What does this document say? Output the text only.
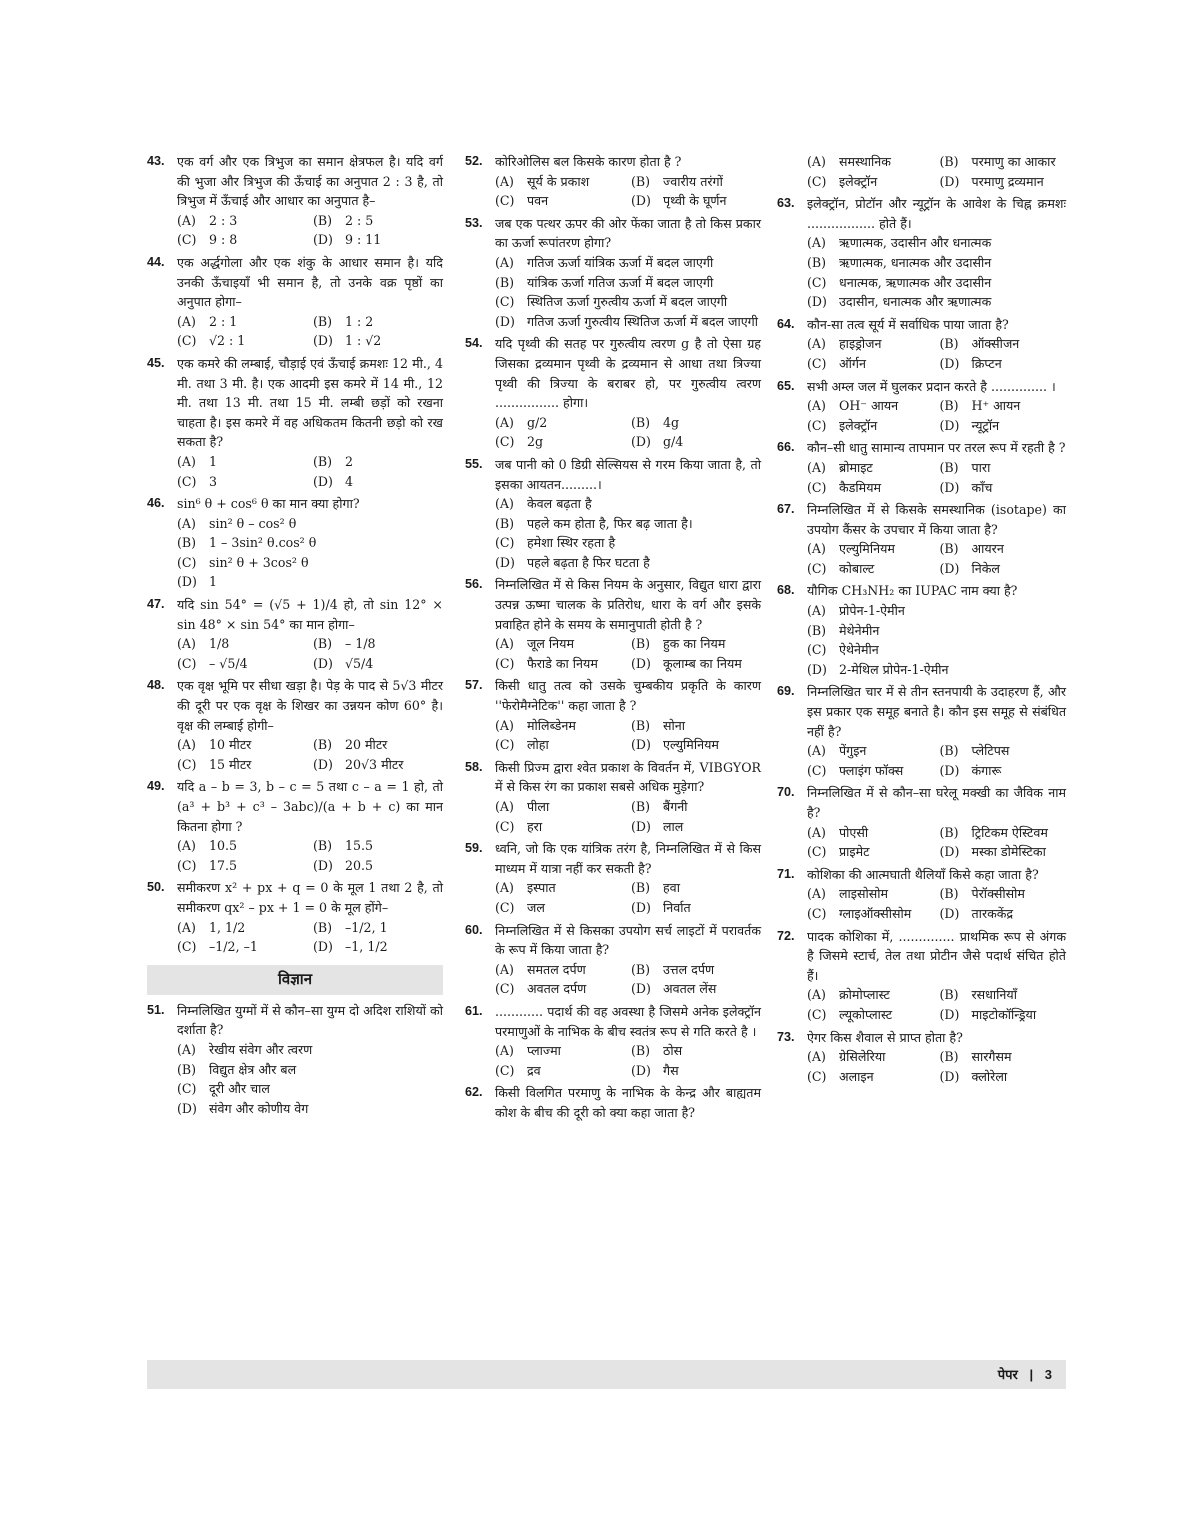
43. एक वर्ग और एक त्रिभुज का समान क्षेत्रफल है। यदि वर्ग की भुजा और त्रिभुज की ऊँचाई का अनुपात 2 : 3 है, तो त्रिभुज में ऊँचाई और आधार का अनुपात है–
(A)	2 : 3	(B)	2 : 5
(C) 9 : 8	(D) 9 : 11
44. एक अर्द्धगोला और एक शंकु के आधार समान है। यदि उनकी ऊँचाइयाँ भी समान है, तो उनके वक्र पृष्ठों का अनुपात होगा–
(A)	2 : 1	(B)	1 : 2
(C) √2 : 1	(D) 1 : √2
45. एक कमरे की लम्बाई, चौड़ाई एवं ऊँचाई क्रमशः 12 मी., 4 मी. तथा 3 मी. है। एक आदमी इस कमरे में 14 मी., 12 मी. तथा 13 मी. तथा 15 मी. लम्बी छड़ों को रखना चाहता है। इस कमरे में वह अधिकतम कितनी छड़ो को रख सकता है?
(A)	1	(B)	2
(C) 3	(D) 4
46. sin⁶ θ + cos⁶ θ का मान क्या होगा?
(A)	sin² θ – cos² θ
(B)	1 – 3sin² θ.cos² θ
(C) sin² θ + 3cos² θ
(D) 1
47. यदि sin 54° = (√5 + 1)/4 हो, तो sin 12° × sin 48° × sin 54° का मान होगा–
(A)	1/8	(B)	– 1/8
(C) – √5/4	(D) √5/4
48. एक वृक्ष भूमि पर सीधा खड़ा है। पेड़ के पाद से 5√3 मीटर की दूरी पर एक वृक्ष के शिखर का उन्नयन कोण 60° है। वृक्ष की लम्बाई होगी–
(A)	10 मीटर	(B)	20 मीटर
(C) 15 मीटर	(D) 20√3 मीटर
49. यदि a – b = 3, b – c = 5 तथा c – a = 1 हो, तो (a³ + b³ + c³ – 3abc)/(a + b + c) का मान कितना होगा ?
(A)	10.5	(B)	15.5
(C) 17.5	(D) 20.5
50. समीकरण x² + px + q = 0 के मूल 1 तथा 2 है, तो समीकरण qx² – px + 1 = 0 के मूल होंगे–
(A)	1, 1/2	(B)	–1/2, 1
(C) –1/2, –1	(D) –1, 1/2
विज्ञान
51. निम्नलिखित युग्मों में से कौन–सा युग्म दो अदिश राशियों को दर्शाता है?
(A)	रेखीय संवेग और त्वरण
(B)	विद्युत क्षेत्र और बल
(C) दूरी और चाल
(D) संवेग और कोणीय वेग
52. कोरिओलिस बल किसके कारण होता है ?
(A)	सूर्य के प्रकाश	(B)	ज्वारीय तरंगों
(C) पवन	(D) पृथ्वी के घूर्णन
53. जब एक पत्थर ऊपर की ओर फेंका जाता है तो किस प्रकार का ऊर्जा रूपांतरण होगा?
(A)	गतिज ऊर्जा यांत्रिक ऊर्जा में बदल जाएगी
(B)	यांत्रिक ऊर्जा गतिज ऊर्जा में बदल जाएगी
(C) स्थितिज ऊर्जा गुरुत्वीय ऊर्जा में बदल जाएगी
(D) गतिज ऊर्जा गुरुत्वीय स्थितिज ऊर्जा में बदल जाएगी
54. यदि पृथ्वी की सतह पर गुरुत्वीय त्वरण g है तो ऐसा ग्रह जिसका द्रव्यमान पृथ्वी के द्रव्यमान से आधा तथा त्रिज्या पृथ्वी की त्रिज्या के बराबर हो, पर गुरुत्वीय त्वरण ................ होगा।
(A)	g/2	(B)	4g
(C) 2g	(D) g/4
55. जब पानी को 0 डिग्री सेल्सियस से गरम किया जाता है, तो इसका आयतन.........।
(A)	केवल बढ़ता है
(B)	पहले कम होता है, फिर बढ़ जाता है।
(C) हमेशा स्थिर रहता है
(D) पहले बढ़ता है फिर घटता है
56. निम्नलिखित में से किस नियम के अनुसार, विद्युत धारा द्वारा उत्पन्न ऊष्मा चालक के प्रतिरोध, धारा के वर्ग और इसके प्रवाहित होने के समय के समानुपाती होती है ?
(A)	जूल नियम	(B)	हुक का नियम
(C) फैराडे का नियम	(D) कूलाम्ब का नियम
57. किसी धातु तत्व को उसके चुम्बकीय प्रकृति के कारण ''फेरोमैग्नेटिक'' कहा जाता है ?
(A)	मोलिब्डेनम	(B)	सोना
(C) लोहा	(D) एल्युमिनियम
58. किसी प्रिज्म द्वारा श्वेत प्रकाश के विवर्तन में, VIBGYOR में से किस रंग का प्रकाश सबसे अधिक मुड़ेगा?
(A)	पीला	(B)	बैंगनी
(C) हरा	(D) लाल
59. ध्वनि, जो कि एक यांत्रिक तरंग है, निम्नलिखित में से किस माध्यम में यात्रा नहीं कर सकती है?
(A)	इस्पात	(B)	हवा
(C) जल	(D) निर्वात
60. निम्नलिखित में से किसका उपयोग सर्च लाइटों में परावर्तक के रूप में किया जाता है?
(A)	समतल दर्पण	(B)	उत्तल दर्पण
(C) अवतल दर्पण	(D) अवतल लेंस
61. ............ पदार्थ की वह अवस्था है जिसमे अनेक इलेक्ट्रॉन परमाणुओं के नाभिक के बीच स्वतंत्र रूप से गति करते है ।
(A)	प्लाज्मा	(B)	ठोस
(C) द्रव	(D) गैस
62. किसी विलगित परमाणु के नाभिक के केन्द्र और बाह्यतम कोश के बीच की दूरी को क्या कहा जाता है?
(A)	समस्थानिक	(B)	परमाणु का आकार
(C) इलेक्ट्रॉन	(D) परमाणु द्रव्यमान
63. इलेक्ट्रॉन, प्रोटॉन और न्यूट्रॉन के आवेश के चिह्न क्रमशः ................. होते हैं।
(A)	ऋणात्मक, उदासीन और धनात्मक
(B)	ऋणात्मक, धनात्मक और उदासीन
(C) धनात्मक, ऋणात्मक और उदासीन
(D) उदासीन, धनात्मक और ऋणात्मक
64. कौन-सा तत्व सूर्य में सर्वाधिक पाया जाता है?
(A)	हाइड्रोजन	(B)	ऑक्सीजन
(C) ऑर्गन	(D) क्रिप्टन
65. सभी अम्ल जल में घुलकर प्रदान करते है .............. ।
(A)	OH⁻ आयन	(B)	H⁺ आयन
(C) इलेक्ट्रॉन	(D) न्यूट्रॉन
66. कौन–सी धातु सामान्य तापमान पर तरल रूप में रहती है ?
(A)	ब्रोमाइट	(B)	पारा
(C) कैडमियम	(D) काँच
67. निम्नलिखित में से किसके समस्थानिक (isotape) का उपयोग कैंसर के उपचार में किया जाता है?
(A)	एल्युमिनियम	(B)	आयरन
(C) कोबाल्ट	(D) निकेल
68. यौगिक CH₃NH₂ का IUPAC नाम क्या है?
(A)	प्रोपेन-1-ऐमीन
(B)	मेथेनेमीन
(C) ऐथेनेमीन
(D) 2-मेथिल प्रोपेन-1-ऐमीन
69. निम्नलिखित चार में से तीन स्तनपायी के उदाहरण हैं, और इस प्रकार एक समूह बनाते है। कौन इस समूह से संबंधित नहीं है?
(A)	पेंगुइन	(B)	प्लेटिपस
(C) फ्लाइंग फॉक्स	(D) कंगारू
70. निम्नलिखित में से कौन–सा घरेलू मक्खी का जैविक नाम है?
(A)	पोएसी	(B)	ट्रिटिकम ऐस्टिवम
(C) प्राइमेट	(D) मस्का डोमेस्टिका
71. कोशिका की आत्मघाती थैलियाँ किसे कहा जाता है?
(A)	लाइसोसोम	(B)	पेरॉक्सीसोम
(C) ग्लाइऑक्सीसोम	(D) तारककेंद्र
72. पादक कोशिका में, .............. प्राथमिक रूप से अंगक है जिसमे स्टार्च, तेल तथा प्रोटीन जैसे पदार्थ संचित होते हैं।
(A)	क्रोमोप्लास्ट	(B)	रसधानियाँ
(C) ल्यूकोप्लास्ट	(D) माइटोकॉन्ड्रिया
73. ऐगर किस शैवाल से प्राप्त होता है?
(A)	ग्रेसिलेरिया	(B)	सारगैसम
(C) अलाइन	(D) क्लोरेला
पेपर | 3
